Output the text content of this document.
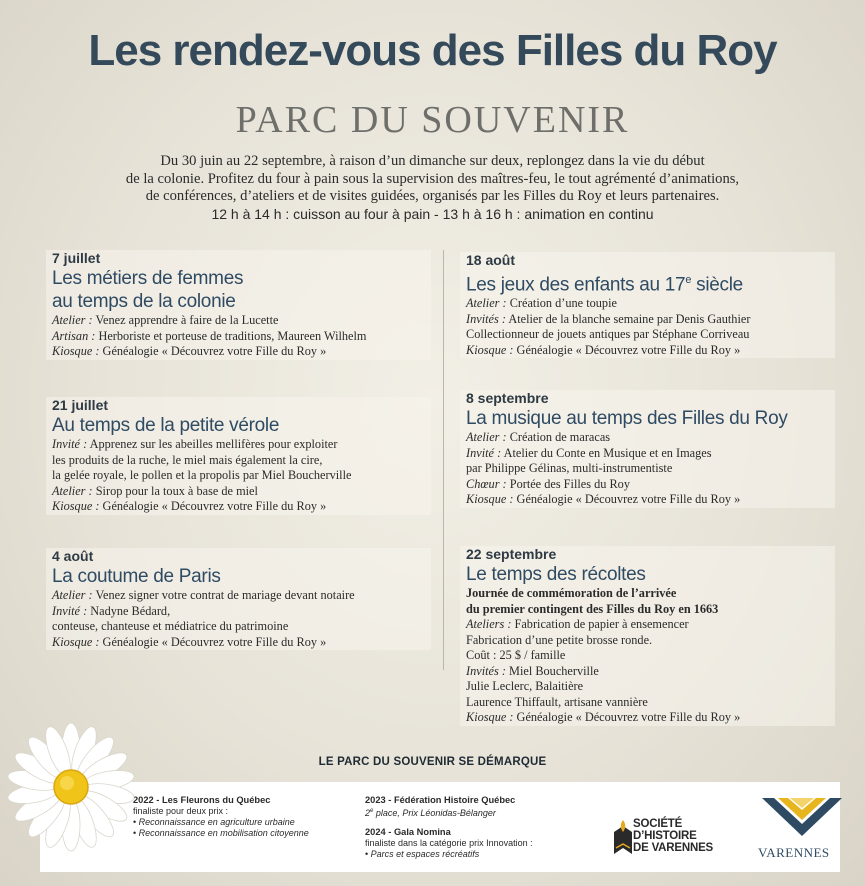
Les rendez-vous des Filles du Roy
PARC DU SOUVENIR
Du 30 juin au 22 septembre, à raison d’un dimanche sur deux, replongez dans la vie du début
de la colonie. Profitez du four à pain sous la supervision des maîtres-feu, le tout agrémenté d’animations,
de conférences, d’ateliers et de visites guidées, organisés par les Filles du Roy et leurs partenaires.
12 h à 14 h : cuisson au four à pain - 13 h à 16 h : animation en continu
7 juillet
Les métiers de femmes
au temps de la colonie
Atelier : Venez apprendre à faire de la Lucette
Artisan : Herboriste et porteuse de traditions, Maureen Wilhelm
Kiosque : Généalogie « Découvrez votre Fille du Roy »
21 juillet
Au temps de la petite vérole
Invité : Apprenez sur les abeilles mellifères pour exploiter
les produits de la ruche, le miel mais également la cire,
la gelée royale, le pollen et la propolis par Miel Boucherville
Atelier : Sirop pour la toux à base de miel
Kiosque : Généalogie « Découvrez votre Fille du Roy »
4 août
La coutume de Paris
Atelier : Venez signer votre contrat de mariage devant notaire
Invité : Nadyne Bédard,
conteuse, chanteuse et médiatrice du patrimoine
Kiosque : Généalogie « Découvrez votre Fille du Roy »
18 août
Les jeux des enfants au 17e siècle
Atelier : Création d’une toupie
Invités : Atelier de la blanche semaine par Denis Gauthier
Collectionneur de jouets antiques par Stéphane Corriveau
Kiosque : Généalogie « Découvrez votre Fille du Roy »
8 septembre
La musique au temps des Filles du Roy
Atelier : Création de maracas
Invité : Atelier du Conte en Musique et en Images
par Philippe Gélinas, multi-instrumentiste
Chœur : Portée des Filles du Roy
Kiosque : Généalogie « Découvrez votre Fille du Roy »
22 septembre
Le temps des récoltes
Journée de commémoration de l’arrivée
du premier contingent des Filles du Roy en 1663
Ateliers : Fabrication de papier à ensemencer
Fabrication d’une petite brosse ronde.
Coût : 25 $ / famille
Invités : Miel Boucherville
Julie Leclerc, Balaitière
Laurence Thiffault, artisane vannière
Kiosque : Généalogie « Découvrez votre Fille du Roy »
LE PARC DU SOUVENIR SE DÉMARQUE
2022 - Les Fleurons du Québec
finaliste pour deux prix :
• Reconnaissance en agriculture urbaine
• Reconnaissance en mobilisation citoyenne
2023 - Fédération Histoire Québec
2e place, Prix Léonidas-Bélanger
2024 - Gala Nomina
finaliste dans la catégorie prix Innovation :
• Parcs et espaces récréatifs
SOCIÉTÉ
D’HISTOIRE
DE VARENNES	VARENNES
